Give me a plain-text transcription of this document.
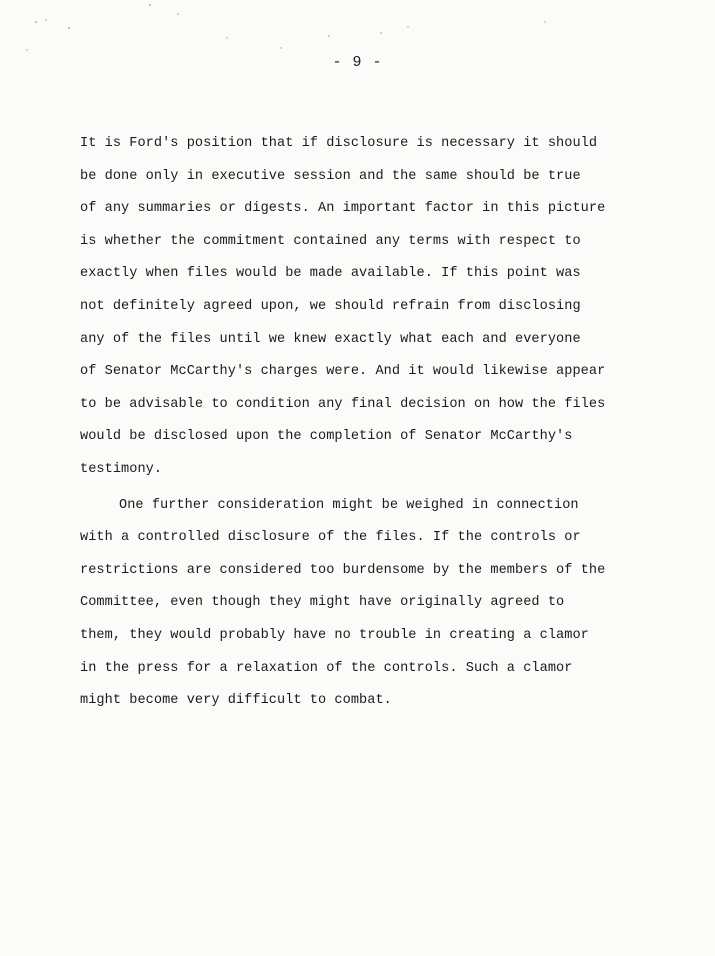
- 9 -

It is Ford's position that if disclosure is necessary it should
be done only in executive session and the same should be true
of any summaries or digests. An important factor in this picture
is whether the commitment contained any terms with respect to
exactly when files would be made available. If this point was
not definitely agreed upon, we should refrain from disclosing
any of the files until we knew exactly what each and everyone
of Senator McCarthy's charges were. And it would likewise appear
to be advisable to condition any final decision on how the files
would be disclosed upon the completion of Senator McCarthy's
testimony.

One further consideration might be weighed in connection
with a controlled disclosure of the files. If the controls or
restrictions are considered too burdensome by the members of the
Committee, even though they might have originally agreed to
them, they would probably have no trouble in creating a clamor
in the press for a relaxation of the controls. Such a clamor
might become very difficult to combat.
